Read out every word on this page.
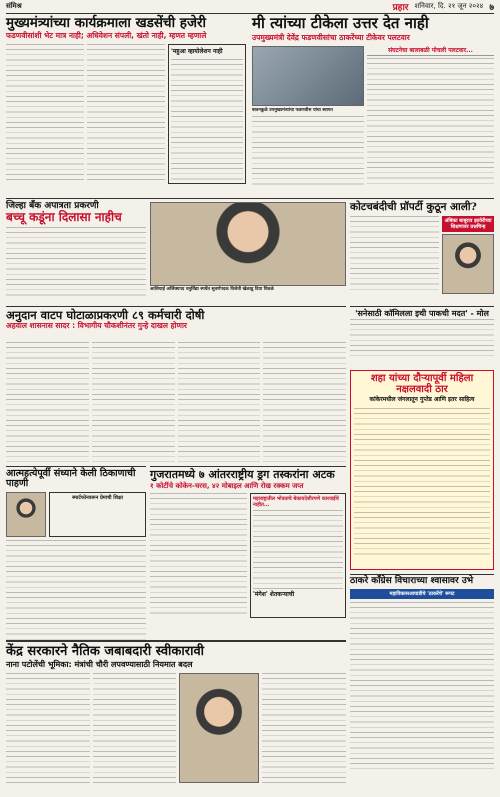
संमिश्र	प्रहार शनिवार, दि. २१ जून २०२४ ७
मुख्यमंत्र्यांच्या कार्यक्रमाला खडसेंची हजेरी
फडणवीसांशी भेट मात्र नाही; अधिवेशन संपली, खंतो नाही, म्हणत म्हणाले
'महुआ व्हायोलेशन नाही
मी त्यांच्या टीकेला उत्तर देत नाही
उपमुख्यमंत्री देवेंद्र फडणवीसांचा ठाकरेंच्या टीकेवर पलटवार
बावनकुळे उपमुख्यमंत्र्यांचा फडणवीस यांचा स्वागत
संघटनेचा बालाबळी पोचली पलटवार...
जिल्हा बँक अपात्रता प्रकरणी
बच्चू कडूंना दिलासा नाहीच
आशियाई अजिंक्यपद धनुर्विद्या स्पर्धेत सुवर्णपदक विजेती खेळाडू दिया चितळे
कोटचबंदीची प्रॉपर्टी कुठून आली?
अंबिका बाबूराव झावेरीच्या शिक्षणावर प्रश्नचिन्ह
अनुदान वाटप घोटाळाप्रकरणी ८९ कर्मचारी दोषी
अहवाल शासनास सादर : विभागीय चौकशीनंतर गुन्हे दाखल होणार
'सनेसाठी कॉमिलला इथी पाकची मदत' - मोल
शहा यांच्या दौऱ्यापूर्वी महिला नक्षलवादी ठार
कांकेरमधील जंगलातून गुप्तेड आणि इतर साहित्य
आत्महत्येपूर्वी संध्याने केली ठिकाणाची पाहणी
स्मार्टफोनवरून प्रेमाची शिक्षा
गुजरातमध्ये ७ आंतरराष्ट्रीय ड्रग तस्करांना अटक
१ कोटींचे कोकेन-चरस, ४२ मोबाइल आणि रोख रक्कम जप्त
महाराष्ट्रातील भोवताचे बेकायदेशीरपणे कारवाईचे नाहीत...
'मंगेश' शेतकऱ्याची
केंद्र सरकारने नैतिक जबाबदारी स्वीकारावी
नाना पटोलेंची भूमिका: मंत्रांची चौरी लपवण्यासाठी नियमात बदल
ठाकरे काँग्रेस विचाराच्या श्वासावर उभे
महाविकासआघाडीचे 'ठाकरेंचे' रूपट
